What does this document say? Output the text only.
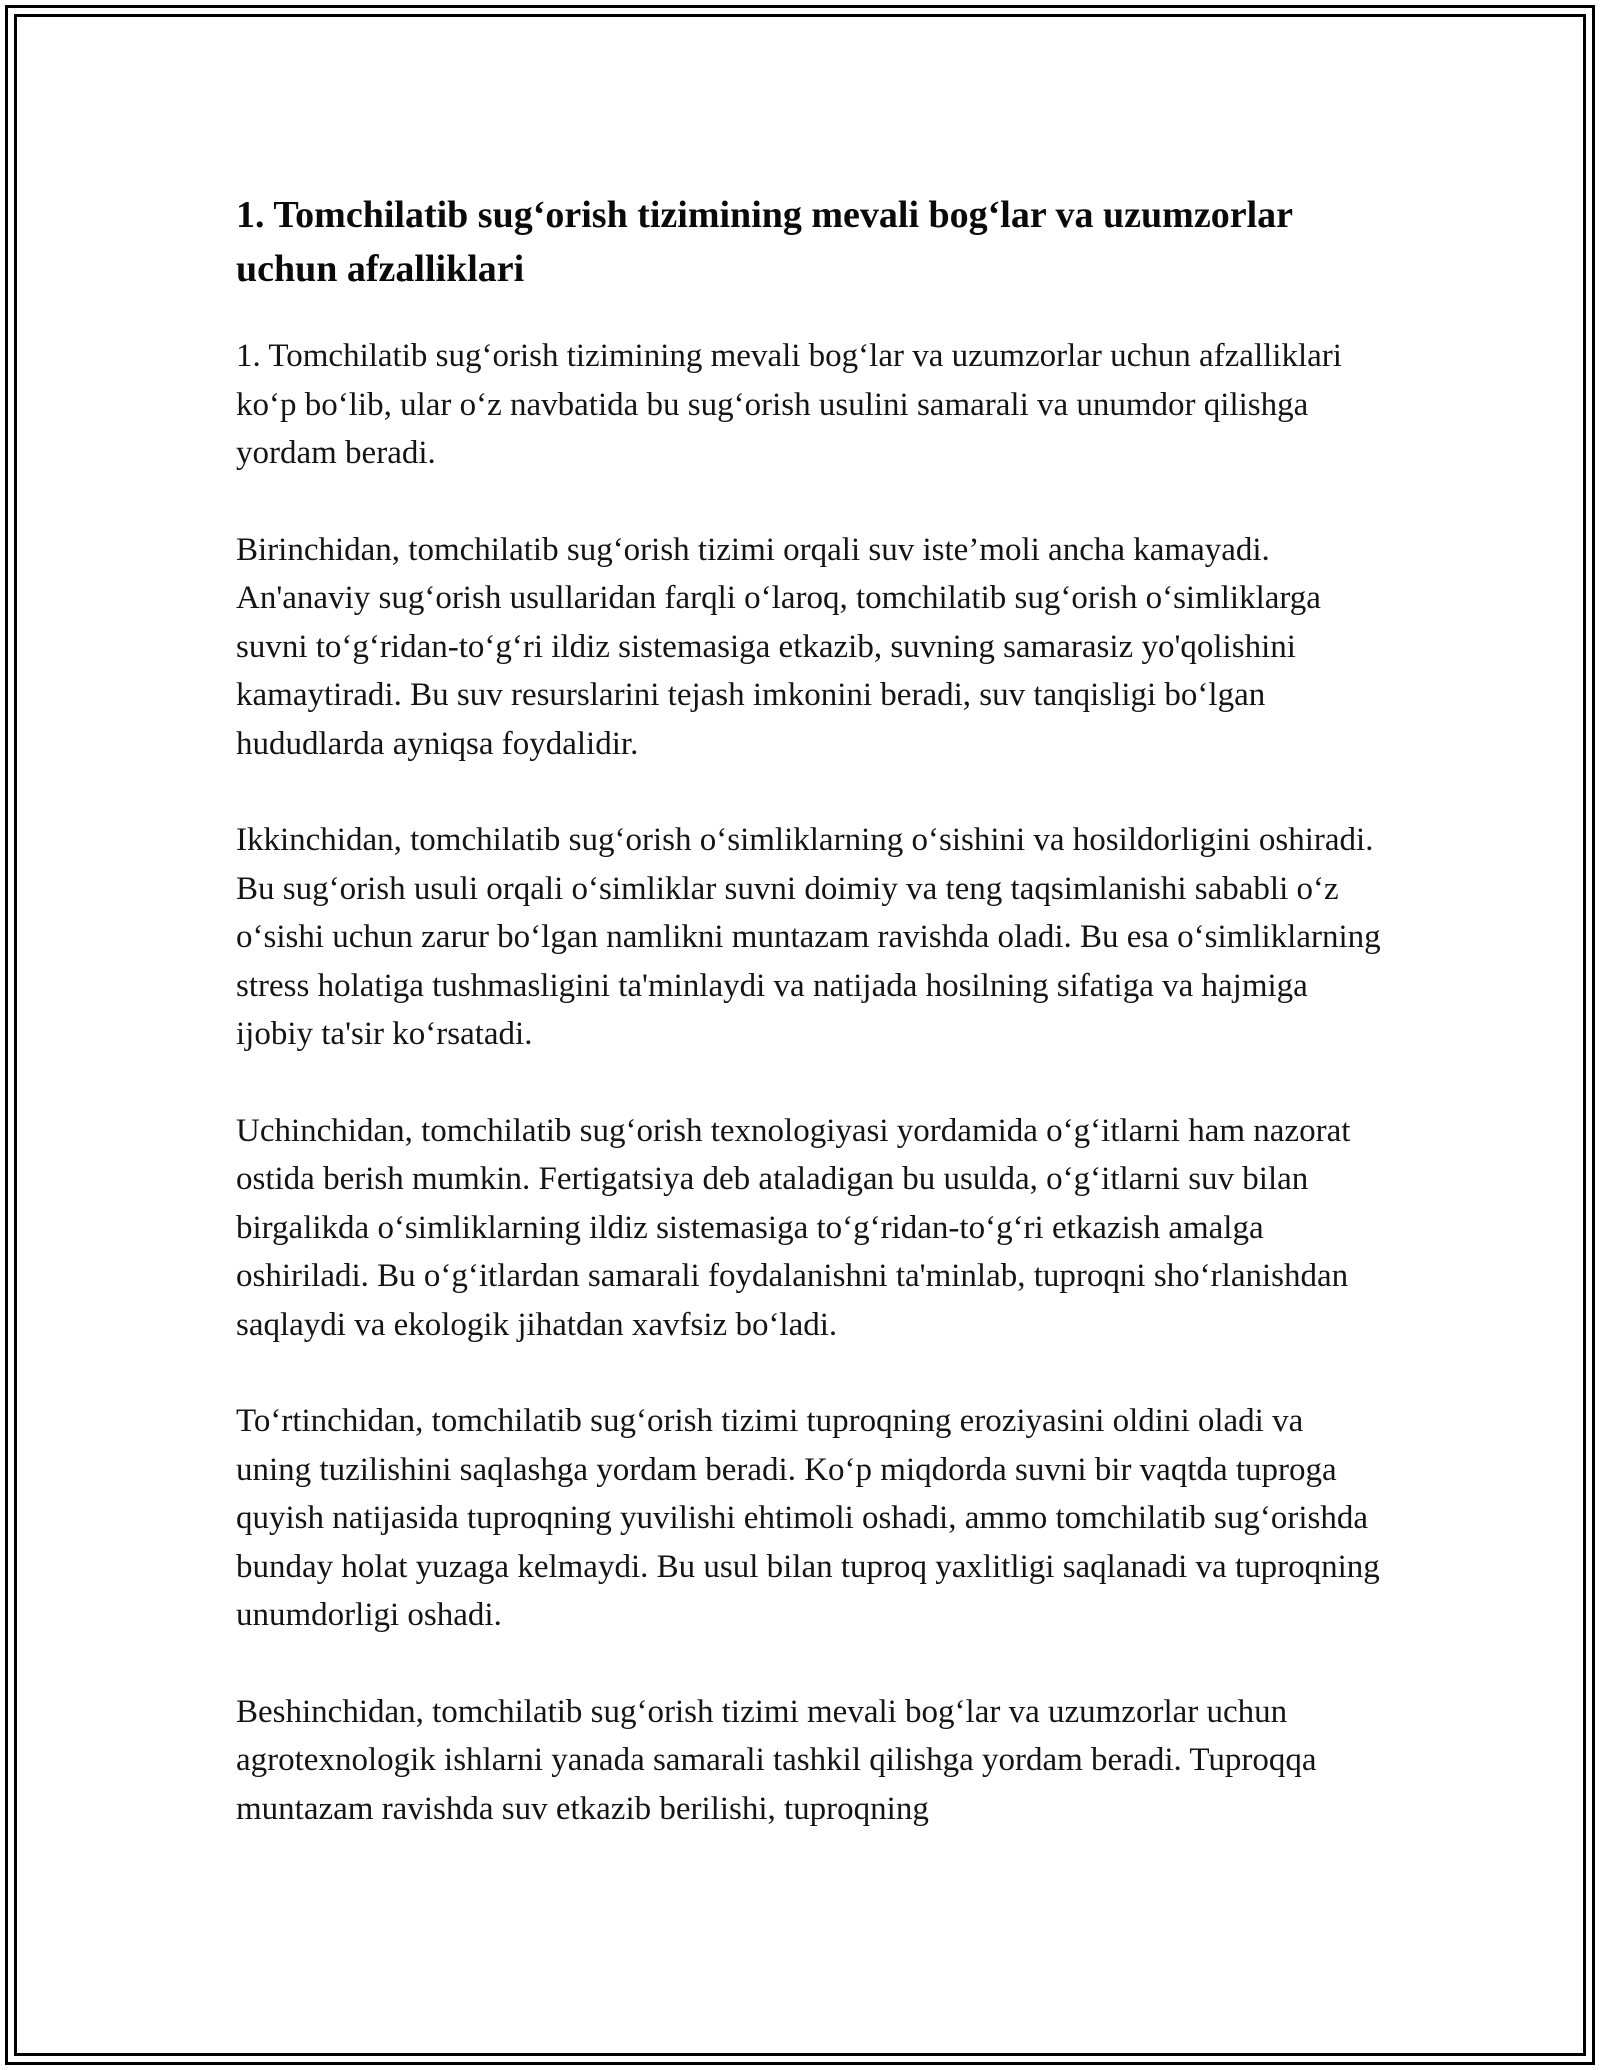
1. Tomchilatib sug‘orish tizimining mevali bog‘lar va uzumzorlar uchun afzalliklari

1. Tomchilatib sug‘orish tizimining mevali bog‘lar va uzumzorlar uchun afzalliklari ko‘p bo‘lib, ular o‘z navbatida bu sug‘orish usulini samarali va unumdor qilishga yordam beradi.

Birinchidan, tomchilatib sug‘orish tizimi orqali suv iste’moli ancha kamayadi. An'anaviy sug‘orish usullaridan farqli o‘laroq, tomchilatib sug‘orish o‘simliklarga suvni to‘g‘ridan-to‘g‘ri ildiz sistemasiga etkazib, suvning samarasiz yo'qolishini kamaytiradi. Bu suv resurslarini tejash imkonini beradi, suv tanqisligi bo‘lgan hududlarda ayniqsa foydalidir.

Ikkinchidan, tomchilatib sug‘orish o‘simliklarning o‘sishini va hosildorligini oshiradi. Bu sug‘orish usuli orqali o‘simliklar suvni doimiy va teng taqsimlanishi sababli o‘z o‘sishi uchun zarur bo‘lgan namlikni muntazam ravishda oladi. Bu esa o‘simliklarning stress holatiga tushmasligini ta'minlaydi va natijada hosilning sifatiga va hajmiga ijobiy ta'sir ko‘rsatadi.

Uchinchidan, tomchilatib sug‘orish texnologiyasi yordamida o‘g‘itlarni ham nazorat ostida berish mumkin. Fertigatsiya deb ataladigan bu usulda, o‘g‘itlarni suv bilan birgalikda o‘simliklarning ildiz sistemasiga to‘g‘ridan-to‘g‘ri etkazish amalga oshiriladi. Bu o‘g‘itlardan samarali foydalanishni ta'minlab, tuproqni sho‘rlanishdan saqlaydi va ekologik jihatdan xavfsiz bo‘ladi.

To‘rtinchidan, tomchilatib sug‘orish tizimi tuproqning eroziyasini oldini oladi va uning tuzilishini saqlashga yordam beradi. Ko‘p miqdorda suvni bir vaqtda tuproga quyish natijasida tuproqning yuvilishi ehtimoli oshadi, ammo tomchilatib sug‘orishda bunday holat yuzaga kelmaydi. Bu usul bilan tuproq yaxlitligi saqlanadi va tuproqning unumdorligi oshadi.

Beshinchidan, tomchilatib sug‘orish tizimi mevali bog‘lar va uzumzorlar uchun agrotexnologik ishlarni yanada samarali tashkil qilishga yordam beradi. Tuproqqa muntazam ravishda suv etkazib berilishi, tuproqning
